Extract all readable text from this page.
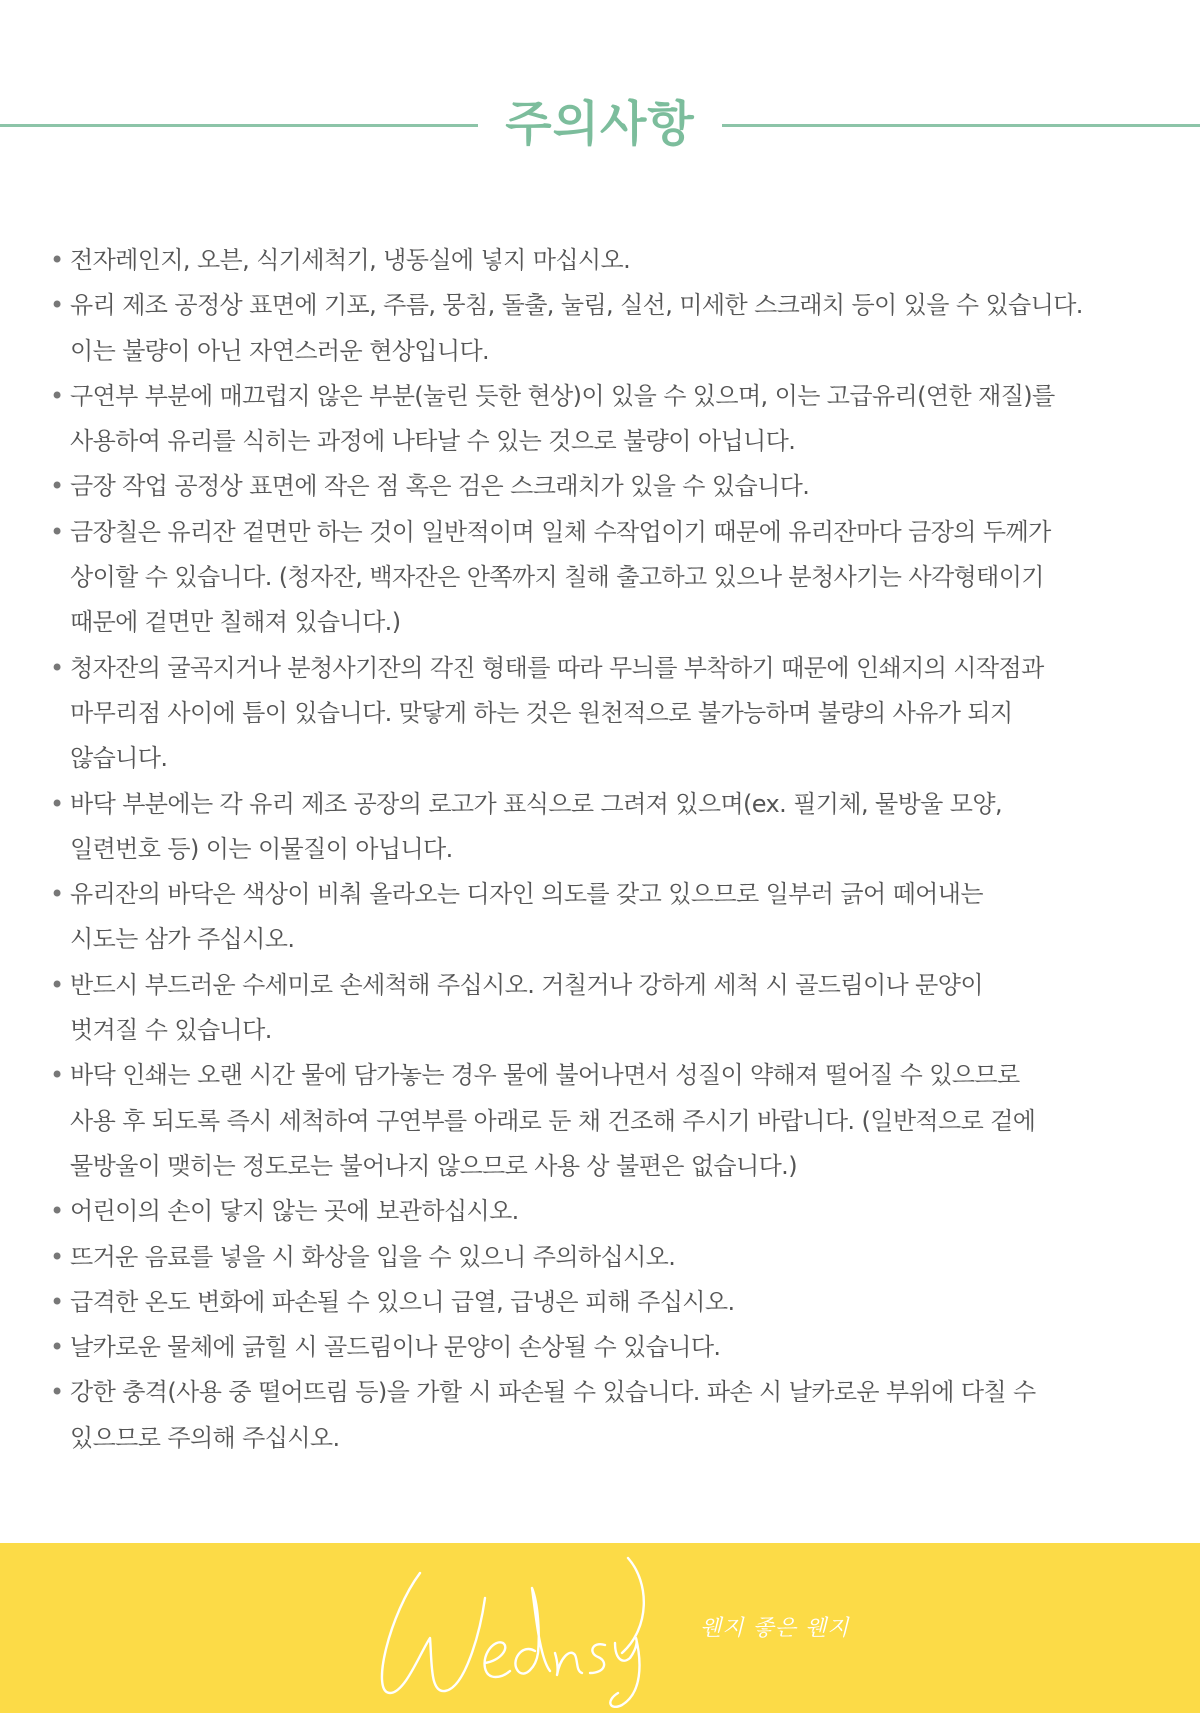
주의사항
• 전자레인지, 오븐, 식기세척기, 냉동실에 넣지 마십시오.
• 유리 제조 공정상 표면에 기포, 주름, 뭉침, 돌출, 눌림, 실선, 미세한 스크래치 등이 있을 수 있습니다.
이는 불량이 아닌 자연스러운 현상입니다.
• 구연부 부분에 매끄럽지 않은 부분(눌린 듯한 현상)이 있을 수 있으며, 이는 고급유리(연한 재질)를
사용하여 유리를 식히는 과정에 나타날 수 있는 것으로 불량이 아닙니다.
• 금장 작업 공정상 표면에 작은 점 혹은 검은 스크래치가 있을 수 있습니다.
• 금장칠은 유리잔 겉면만 하는 것이 일반적이며 일체 수작업이기 때문에 유리잔마다 금장의 두께가
상이할 수 있습니다. (청자잔, 백자잔은 안쪽까지 칠해 출고하고 있으나 분청사기는 사각형태이기
때문에 겉면만 칠해져 있습니다.)
• 청자잔의 굴곡지거나 분청사기잔의 각진 형태를 따라 무늬를 부착하기 때문에 인쇄지의 시작점과
마무리점 사이에 틈이 있습니다. 맞닿게 하는 것은 원천적으로 불가능하며 불량의 사유가 되지
않습니다.
• 바닥 부분에는 각 유리 제조 공장의 로고가 표식으로 그려져 있으며(ex. 필기체, 물방울 모양,
일련번호 등) 이는 이물질이 아닙니다.
• 유리잔의 바닥은 색상이 비춰 올라오는 디자인 의도를 갖고 있으므로 일부러 긁어 떼어내는
시도는 삼가 주십시오.
• 반드시 부드러운 수세미로 손세척해 주십시오. 거칠거나 강하게 세척 시 골드림이나 문양이
벗겨질 수 있습니다.
• 바닥 인쇄는 오랜 시간 물에 담가놓는 경우 물에 불어나면서 성질이 약해져 떨어질 수 있으므로
사용 후 되도록 즉시 세척하여 구연부를 아래로 둔 채 건조해 주시기 바랍니다. (일반적으로 겉에
물방울이 맺히는 정도로는 불어나지 않으므로 사용 상 불편은 없습니다.)
• 어린이의 손이 닿지 않는 곳에 보관하십시오.
• 뜨거운 음료를 넣을 시 화상을 입을 수 있으니 주의하십시오.
• 급격한 온도 변화에 파손될 수 있으니 급열, 급냉은 피해 주십시오.
• 날카로운 물체에 긁힐 시 골드림이나 문양이 손상될 수 있습니다.
• 강한 충격(사용 중 떨어뜨림 등)을 가할 시 파손될 수 있습니다. 파손 시 날카로운 부위에 다칠 수
있으므로 주의해 주십시오.
웬지 좋은 웬지
